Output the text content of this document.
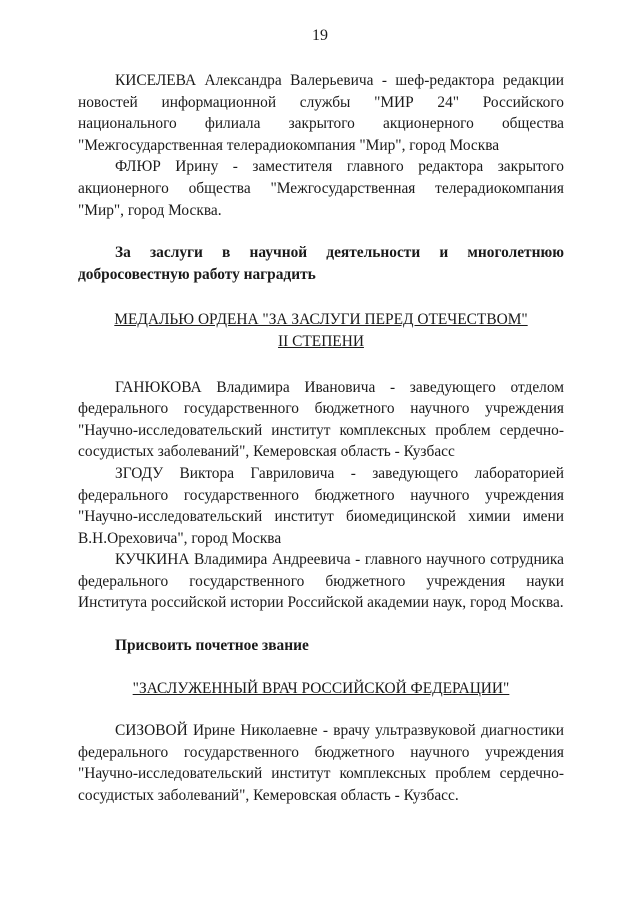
19

КИСЕЛЕВА Александра Валерьевича - шеф-редактора редакции новостей информационной службы "МИР 24" Российского национального филиала закрытого акционерного общества "Межгосударственная телерадиокомпания "Мир", город Москва

ФЛЮР Ирину - заместителя главного редактора закрытого акционерного общества "Межгосударственная телерадиокомпания "Мир", город Москва.

За заслуги в научной деятельности и многолетнюю добросовестную работу наградить

МЕДАЛЬЮ ОРДЕНА "ЗА ЗАСЛУГИ ПЕРЕД ОТЕЧЕСТВОМ"

II СТЕПЕНИ

ГАНЮКОВА Владимира Ивановича - заведующего отделом федерального государственного бюджетного научного учреждения "Научно-исследовательский институт комплексных проблем сердечно-сосудистых заболеваний", Кемеровская область - Кузбасс

ЗГОДУ Виктора Гавриловича - заведующего лабораторией федерального государственного бюджетного научного учреждения "Научно-исследовательский институт биомедицинской химии имени В.Н.Ореховича", город Москва

КУЧКИНА Владимира Андреевича - главного научного сотрудника федерального государственного бюджетного учреждения науки Института российской истории Российской академии наук, город Москва.

Присвоить почетное звание

"ЗАСЛУЖЕННЫЙ ВРАЧ РОССИЙСКОЙ ФЕДЕРАЦИИ"

СИЗОВОЙ Ирине Николаевне - врачу ультразвуковой диагностики федерального государственного бюджетного научного учреждения "Научно-исследовательский институт комплексных проблем сердечно-сосудистых заболеваний", Кемеровская область - Кузбасс.
